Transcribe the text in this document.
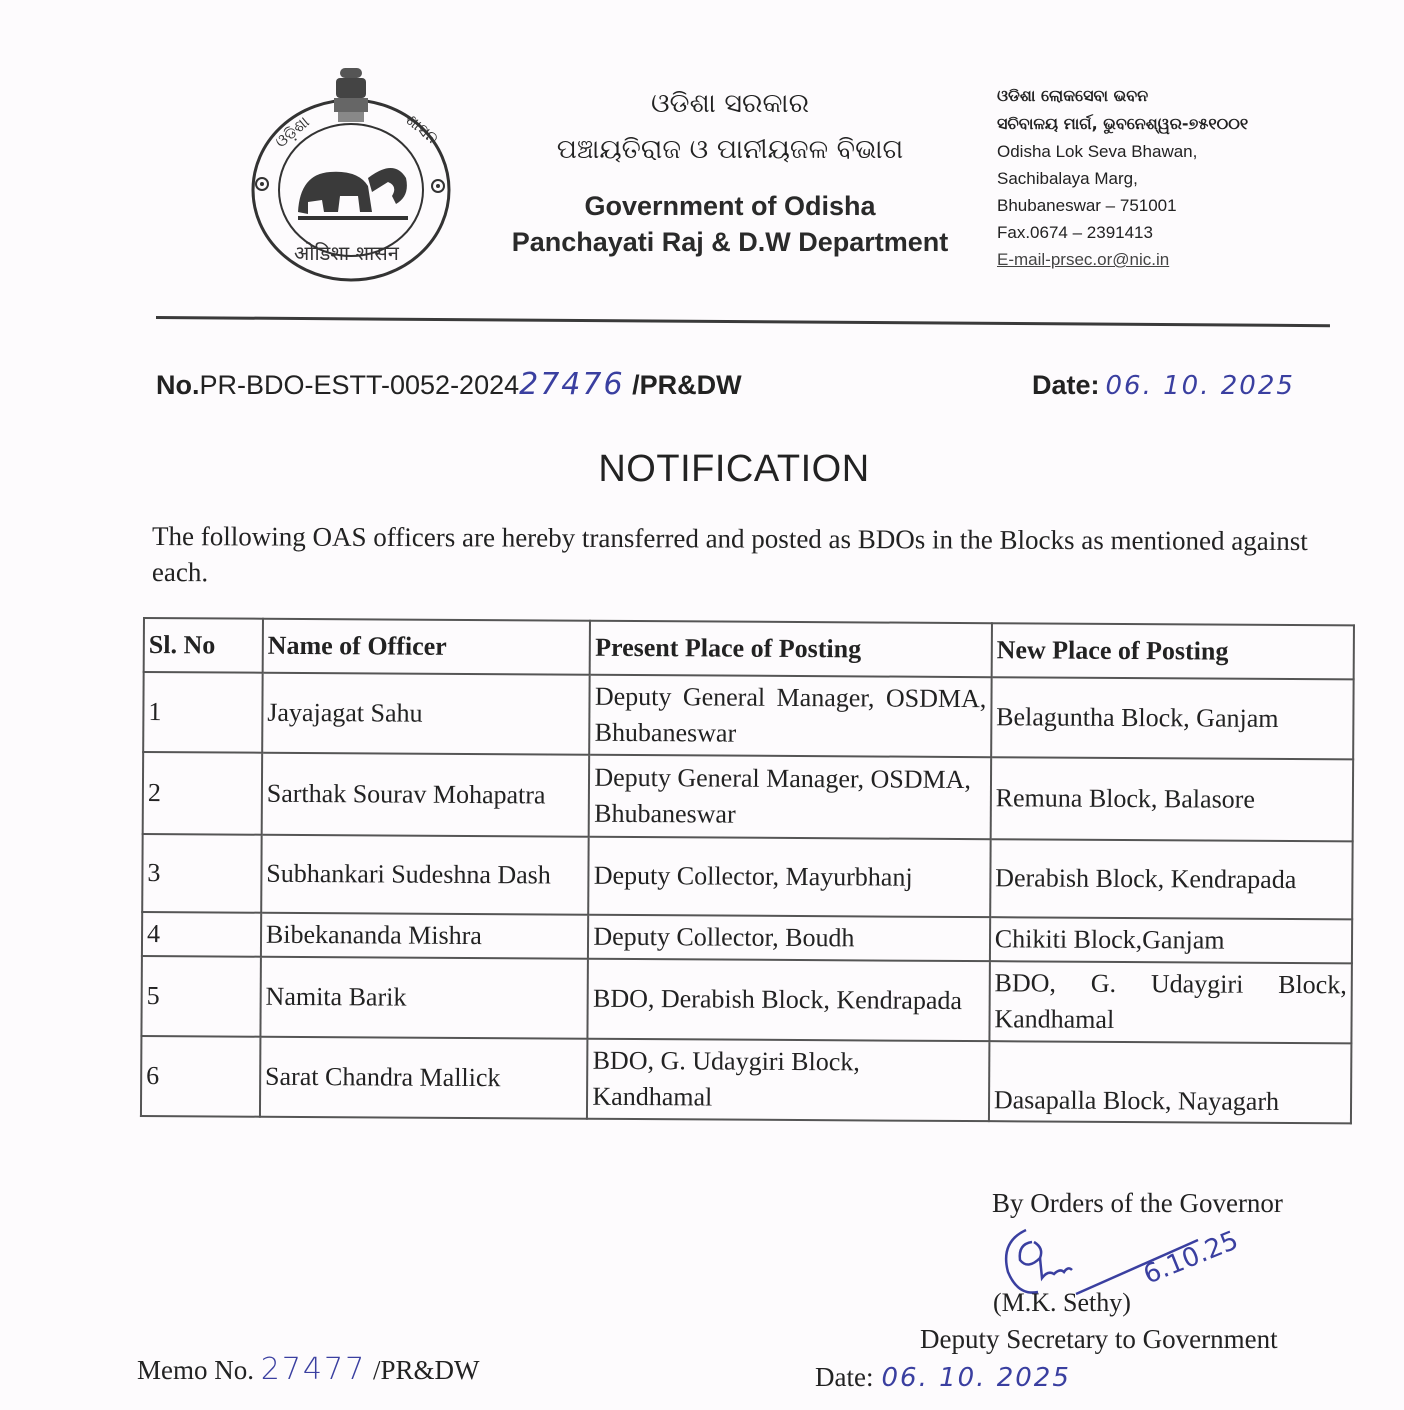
ଓଡ଼ିଶା	ଶାସନ
ओडिशा शासन
ଓଡିଶା ସରକାର
ପଞ୍ଚାୟତିରାଜ ଓ ପାନୀୟଜଳ ବିଭାଗ
Government of Odisha
Panchayati Raj & D.W Department
ଓଡିଶା ଲୋକସେବା ଭବନ
ସଚିବାଳୟ ମାର୍ଗ, ଭୁବନେଶ୍ୱର-୭୫୧୦୦୧
Odisha Lok Seva Bhawan,
Sachibalaya Marg,
Bhubaneswar – 751001
Fax.0674 – 2391413
E-mail-prsec.or@nic.in
No.PR-BDO-ESTT-0052-202427476 /PR&DW	Date: 06. 10. 2025
NOTIFICATION
The following OAS officers are hereby transferred and posted as BDOs in the Blocks as mentioned against each.
Sl. No	Name of Officer	Present Place of Posting	New Place of Posting
1	Jayajagat Sahu	Deputy General Manager, OSDMA, Bhubaneswar	Belaguntha Block, Ganjam
2	Sarthak Sourav Mohapatra	Deputy General Manager, OSDMA, Bhubaneswar	Remuna Block, Balasore
3	Subhankari Sudeshna Dash	Deputy Collector, Mayurbhanj	Derabish Block, Kendrapada
4	Bibekananda Mishra	Deputy Collector, Boudh	Chikiti Block,Ganjam
5	Namita Barik	BDO, Derabish Block, Kendrapada	BDO, G. Udaygiri Block, Kandhamal
6	Sarat Chandra Mallick	BDO, G. Udaygiri Block, Kandhamal	Dasapalla Block, Nayagarh
By Orders of the Governor
6.10.25
(M.K. Sethy)
Deputy Secretary to Government
Memo No. 27477 /PR&DW	Date: 06. 10. 2025
